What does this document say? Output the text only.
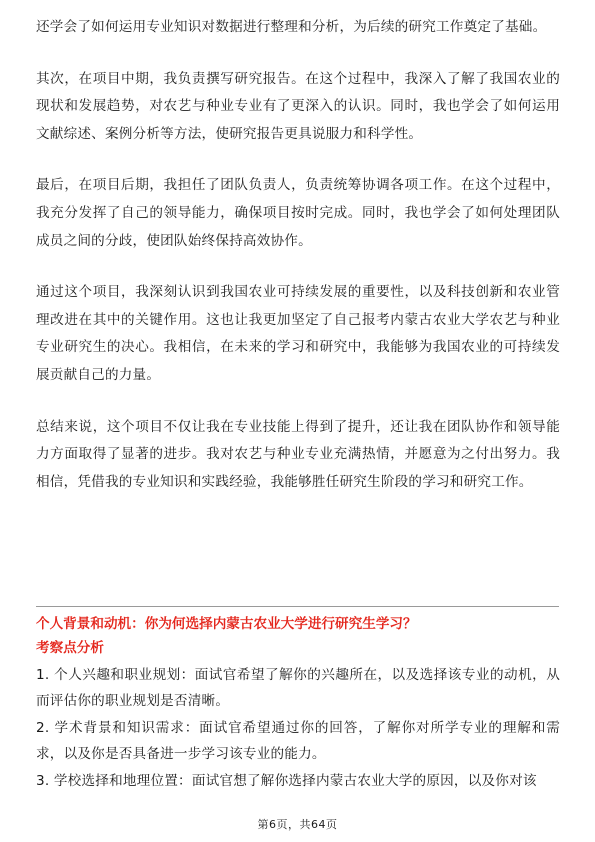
还学会了如何运用专业知识对数据进行整理和分析，为后续的研究工作奠定了基础。

其次，在项目中期，我负责撰写研究报告。在这个过程中，我深入了解了我国农业的现状和发展趋势，对农艺与种业专业有了更深入的认识。同时，我也学会了如何运用文献综述、案例分析等方法，使研究报告更具说服力和科学性。

最后，在项目后期，我担任了团队负责人，负责统筹协调各项工作。在这个过程中，我充分发挥了自己的领导能力，确保项目按时完成。同时，我也学会了如何处理团队成员之间的分歧，使团队始终保持高效协作。

通过这个项目，我深刻认识到我国农业可持续发展的重要性，以及科技创新和农业管理改进在其中的关键作用。这也让我更加坚定了自己报考内蒙古农业大学农艺与种业专业研究生的决心。我相信，在未来的学习和研究中，我能够为我国农业的可持续发展贡献自己的力量。

总结来说，这个项目不仅让我在专业技能上得到了提升，还让我在团队协作和领导能力方面取得了显著的进步。我对农艺与种业专业充满热情，并愿意为之付出努力。我相信，凭借我的专业知识和实践经验，我能够胜任研究生阶段的学习和研究工作。

个人背景和动机：你为何选择内蒙古农业大学进行研究生学习？

考察点分析

1. 个人兴趣和职业规划：面试官希望了解你的兴趣所在，以及选择该专业的动机，从而评估你的职业规划是否清晰。

2. 学术背景和知识需求：面试官希望通过你的回答，了解你对所学专业的理解和需求，以及你是否具备进一步学习该专业的能力。

3. 学校选择和地理位置：面试官想了解你选择内蒙古农业大学的原因，以及你对该

第6页，共64页
